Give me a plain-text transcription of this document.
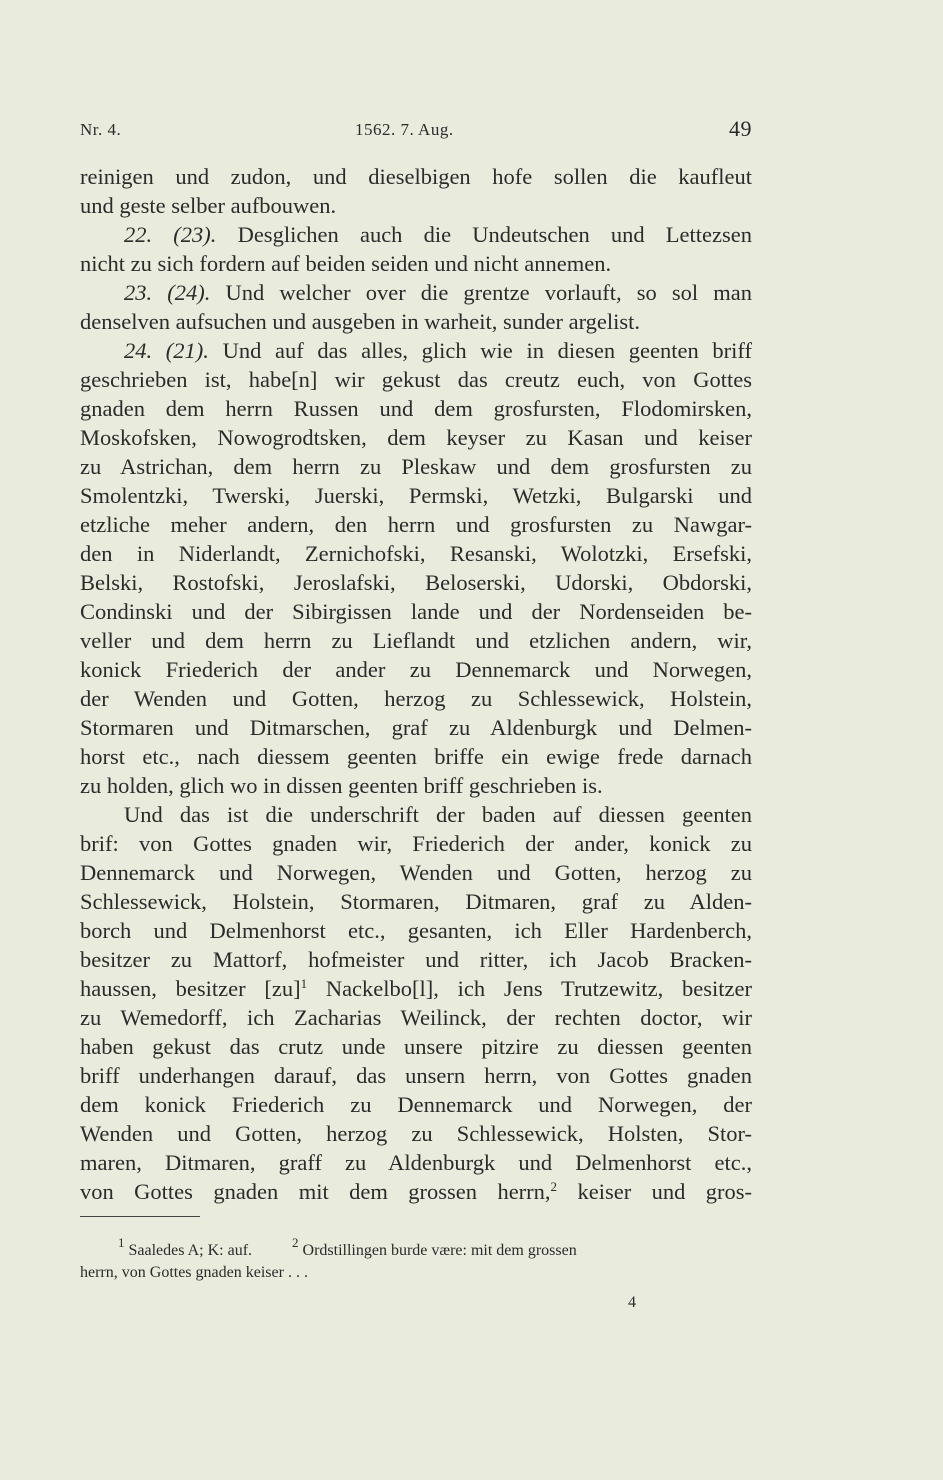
Nr. 4.	1562. 7. Aug.	49
reinigen und zudon, und dieselbigen hofe sollen die kaufleut
und geste selber aufbouwen.
22. (23). Desglichen auch die Undeutschen und Lettezsen
nicht zu sich fordern auf beiden seiden und nicht annemen.
23. (24). Und welcher over die grentze vorlauft, so sol man
denselven aufsuchen und ausgeben in warheit, sunder argelist.
24. (21). Und auf das alles, glich wie in diesen geenten briff
geschrieben ist, habe[n] wir gekust das creutz euch, von Gottes
gnaden dem herrn Russen und dem grosfursten, Flodomirsken,
Moskofsken, Nowogrodtsken, dem keyser zu Kasan und keiser
zu Astrichan, dem herrn zu Pleskaw und dem grosfursten zu
Smolentzki, Twerski, Juerski, Permski, Wetzki, Bulgarski und
etzliche meher andern, den herrn und grosfursten zu Nawgar-
den in Niderlandt, Zernichofski, Resanski, Wolotzki, Ersefski,
Belski, Rostofski, Jeroslafski, Beloserski, Udorski, Obdorski,
Condinski und der Sibirgissen lande und der Nordenseiden be-
veller und dem herrn zu Lieflandt und etzlichen andern, wir,
konick Friederich der ander zu Dennemarck und Norwegen,
der Wenden und Gotten, herzog zu Schlessewick, Holstein,
Stormaren und Ditmarschen, graf zu Aldenburgk und Delmen-
horst etc., nach diessem geenten briffe ein ewige frede darnach
zu holden, glich wo in dissen geenten briff geschrieben is.
Und das ist die underschrift der baden auf diessen geenten
brif: von Gottes gnaden wir, Friederich der ander, konick zu
Dennemarck und Norwegen, Wenden und Gotten, herzog zu
Schlessewick, Holstein, Stormaren, Ditmaren, graf zu Alden-
borch und Delmenhorst etc., gesanten, ich Eller Hardenberch,
besitzer zu Mattorf, hofmeister und ritter, ich Jacob Bracken-
haussen, besitzer [zu]$^1$ Nackelbo[l], ich Jens Trutzewitz, besitzer
zu Wemedorff, ich Zacharias Weilinck, der rechten doctor, wir
haben gekust das crutz unde unsere pitzire zu diessen geenten
briff underhangen darauf, das unsern herrn, von Gottes gnaden
dem konick Friederich zu Dennemarck und Norwegen, der
Wenden und Gotten, herzog zu Schlessewick, Holsten, Stor-
maren, Ditmaren, graff zu Aldenburgk und Delmenhorst etc.,
von Gottes gnaden mit dem grossen herrn,$^2$ keiser und gros-
$^1$ Saaledes A; K: auf.	$^2$ Ordstillingen burde være: mit dem grossen
herrn, von Gottes gnaden keiser . . .
4
